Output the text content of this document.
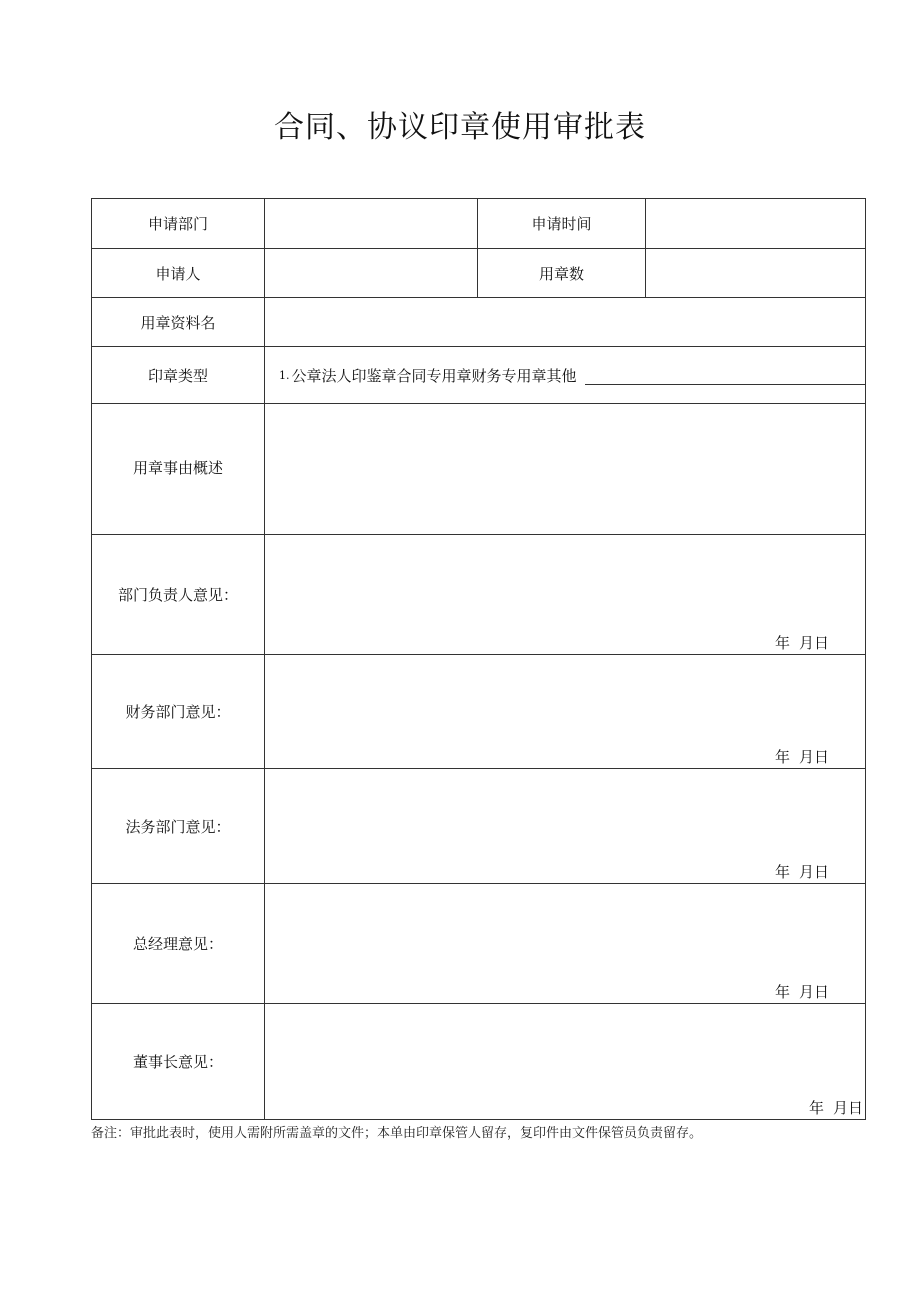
合同、协议印章使用审批表
申请部门		申请时间	
申请人		用章数	
用章资料名			
印章类型	1. 公章法人印鉴章合同专用章财务专用章其他		

用章事由概述			
部门负责人意见：	年 月日		

财务部门意见：	年 月日		

法务部门意见：	年 月日		

总经理意见：	年 月日		

董事长意见：	年 月日		
备注：审批此表时，使用人需附所需盖章的文件；本单由印章保管人留存，复印件由文件保管员负责留存。
